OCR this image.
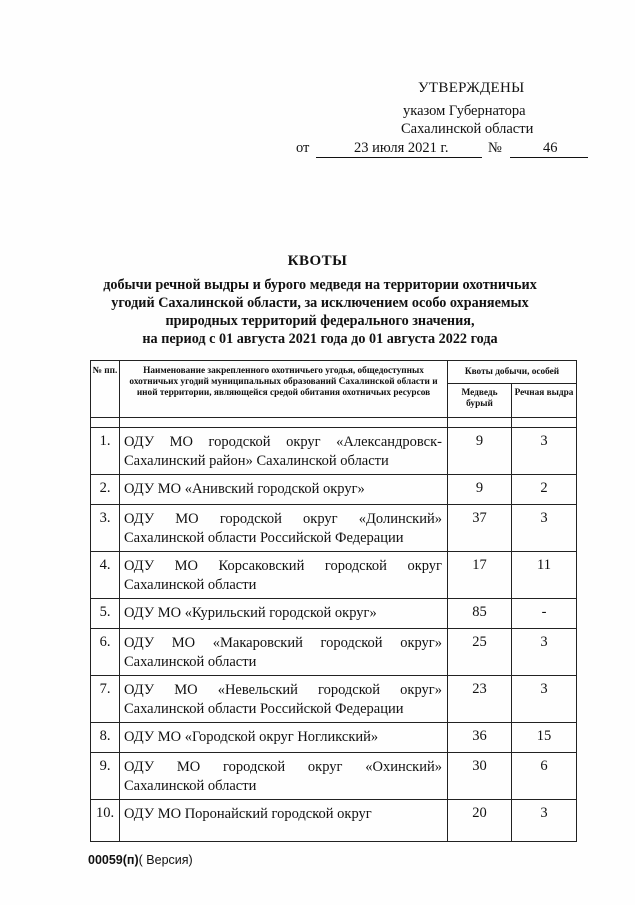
УТВЕРЖДЕНЫ
указом Губернатора
Сахалинской области
от	23 июля 2021 г.	№	46
КВОТЫ
добычи речной выдры и бурого медведя на территории охотничьих
угодий Сахалинской области, за исключением особо охраняемых
природных территорий федерального значения,
на период с 01 августа 2021 года до 01 августа 2022 года
№ пп.	Наименование закрепленного охотничьего угодья, общедоступных охотничьих угодий муниципальных образований Сахалинской области и иной территории, являющейся средой обитания охотничьих ресурсов	Квоты добычи, особей	
		Медведь бурый	Речная выдра

1.	ОДУ МО городской округ «Александровск-Сахалинский район» Сахалинской области	9	3
2.	ОДУ МО «Анивский городской округ»	9	2
3.	ОДУ МО городской округ «Долинский» Сахалинской области Российской Федерации	37	3
4.	ОДУ МО Корсаковский городской округ Сахалинской области	17	11
5.	ОДУ МО «Курильский городской округ»	85	-
6.	ОДУ МО «Макаровский городской округ» Сахалинской области	25	3
7.	ОДУ МО «Невельский городской округ» Сахалинской области Российской Федерации	23	3
8.	ОДУ МО «Городской округ Ногликский»	36	15
9.	ОДУ МО городской округ «Охинский» Сахалинской области	30	6
10.	ОДУ МО Поронайский городской округ	20	3
00059(п)( Версия)
